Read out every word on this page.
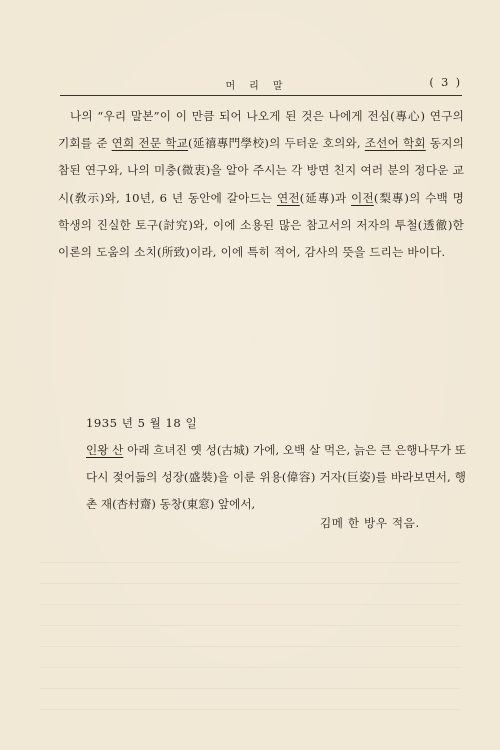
머리말	( 3 )

나의 “우리 말본”이 이 만큼 되어 나오게 된 것은 나에게 전심(專心) 연구의 기회를 준 연희 전문 학교(延禧專門學校)의 두터운 호의와, 조선어 학회 동지의 참된 연구와, 나의 미충(微衷)을 알아 주시는 각 방면 친지 여러 분의 정다운 교시(敎示)와, 10년, 6 년 동안에 갈아드는 연전(延專)과 이전(梨專)의 수백 명 학생의 진실한 토구(討究)와, 이에 소용된 많은 참고서의 저자의 투철(透徹)한 이론의 도움의 소치(所致)이라, 이에 특히 적어, 감사의 뜻을 드리는 바이다.

1935 년 5 월 18 일
인왕 산 아래 흐녀진 옛 성(古城) 가에, 오백 살 먹은, 늙은 큰 은행나무가 또 다시 젖어듦의 성장(盛裝)을 이룬 위용(偉容) 거자(巨姿)를 바라보면서, 행촌 재(杏村齋) 동창(東窓) 앞에서,
김메 한 방우 적음.
